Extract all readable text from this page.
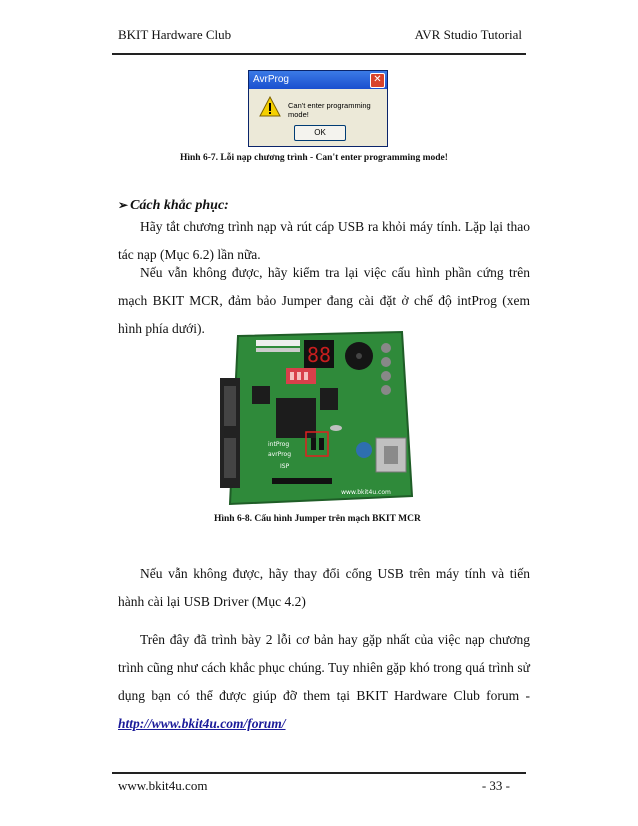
BKIT Hardware Club	AVR Studio Tutorial
AvrProg	✕
Can't enter programming mode!
OK
Hình 6-7. Lỗi nạp chương trình - Can't enter programming mode!
➢ Cách khắc phục:
Hãy tắt chương trình nạp và rút cáp USB ra khỏi máy tính. Lặp lại thao tác nạp (Mục 6.2) lần nữa.
Nếu vẫn không được, hãy kiểm tra lại việc cấu hình phần cứng trên mạch BKIT MCR, đảm bảo Jumper đang cài đặt ở chế độ intProg (xem hình phía dưới).
88
intProg
avrProg
ISP
www.bkit4u.com
Hình 6-8. Cấu hình Jumper trên mạch BKIT MCR
Nếu vẫn không được, hãy thay đổi cổng USB trên máy tính và tiến hành cài lại USB Driver (Mục 4.2)
Trên đây đã trình bày 2 lỗi cơ bản hay gặp nhất của việc nạp chương trình cũng như cách khắc phục chúng. Tuy nhiên gặp khó trong quá trình sử dụng bạn có thể được giúp đỡ them tại BKIT Hardware Club forum - http://www.bkit4u.com/forum/
www.bkit4u.com	- 33 -
